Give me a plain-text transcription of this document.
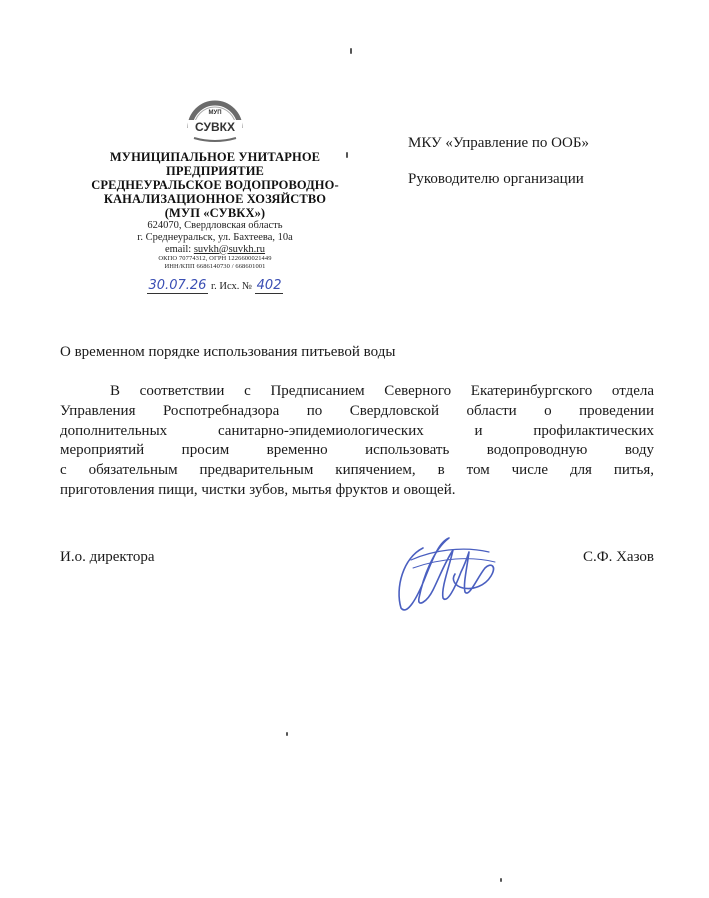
МУП
СУВКХ
МУНИЦИПАЛЬНОЕ УНИТАРНОЕ
ПРЕДПРИЯТИЕ
СРЕДНЕУРАЛЬСКОЕ ВОДОПРОВОДНО-
КАНАЛИЗАЦИОННОЕ ХОЗЯЙСТВО
(МУП «СУВКХ»)
624070, Свердловская область
г. Среднеуральск, ул. Бахтеева, 10а
email: suvkh@suvkh.ru
ОКПО 70774312, ОГРН 1226600021449
ИНН/КПП 6686140730 / 668601001
30.07.26 г. Исх. № 402
МКУ «Управление по ООБ»
Руководителю организации
О временном порядке использования питьевой воды
В соответствии с Предписанием Северного Екатеринбургского отдела
Управления Роспотребнадзора по Свердловской области о проведении
дополнительных санитарно-эпидемиологических и профилактических
мероприятий просим временно использовать водопроводную воду
с обязательным предварительным кипячением, в том числе для питья,
приготовления пищи, чистки зубов, мытья фруктов и овощей.
И.о. директора	С.Ф. Хазов
